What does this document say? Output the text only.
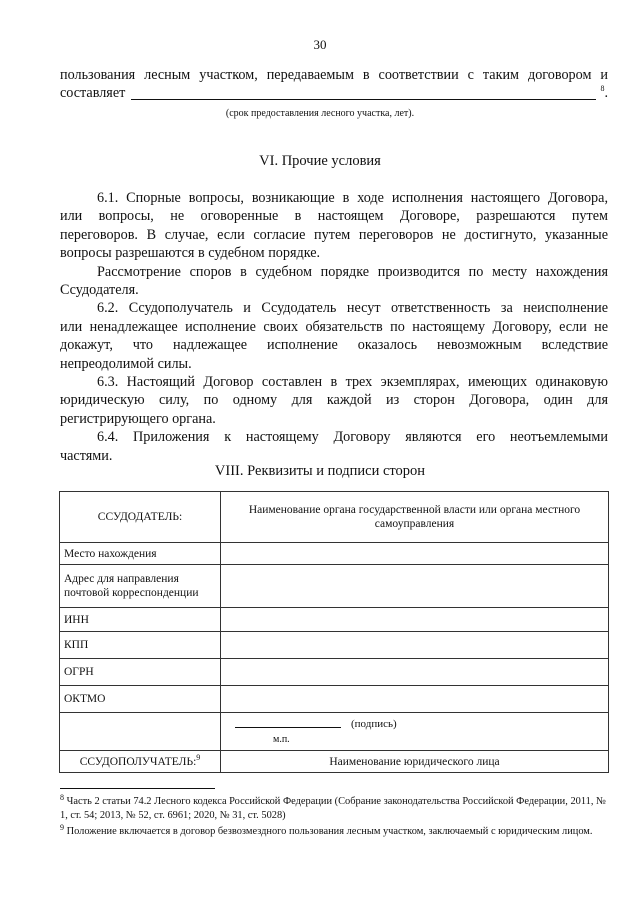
30
пользования лесным участком, передаваемым в соответствии с таким договором и
составляет	$^8$.
(срок предоставления лесного участка, лет).
VI. Прочие условия
6.1. Спорные вопросы, возникающие в ходе исполнения настоящего Договора,
или вопросы, не оговоренные в настоящем Договоре, разрешаются путем
переговоров. В случае, если согласие путем переговоров не достигнуто, указанные
вопросы разрешаются в судебном порядке.
Рассмотрение споров в судебном порядке производится по месту нахождения
Ссудодателя.
6.2. Ссудополучатель и Ссудодатель несут ответственность за неисполнение
или ненадлежащее исполнение своих обязательств по настоящему Договору, если не
докажут, что надлежащее исполнение оказалось невозможным вследствие
непреодолимой силы.
6.3. Настоящий Договор составлен в трех экземплярах, имеющих одинаковую
юридическую силу, по одному для каждой из сторон Договора, один для
регистрирующего органа.
6.4. Приложения к настоящему Договору являются его неотъемлемыми
частями.
VIII. Реквизиты и подписи сторон
ССУДОДАТЕЛЬ:	Наименование органа государственной власти или органа местного самоуправления
Место нахождения	
Адрес для направления почтовой корреспонденции	
ИНН	
КПП	
ОГРН	
ОКТМО	

	(подпись)
м.п.

ССУДОПОЛУЧАТЕЛЬ:$^9$	Наименование юридического лица

$^8$ Часть 2 статьи 74.2 Лесного кодекса Российской Федерации (Собрание законодательства Российской Федерации, 2011, № 1, ст. 54; 2013, № 52, ст. 6961; 2020, № 31, ст. 5028)

$^9$ Положение включается в договор безвозмездного пользования лесным участком, заключаемый с юридическим лицом.
